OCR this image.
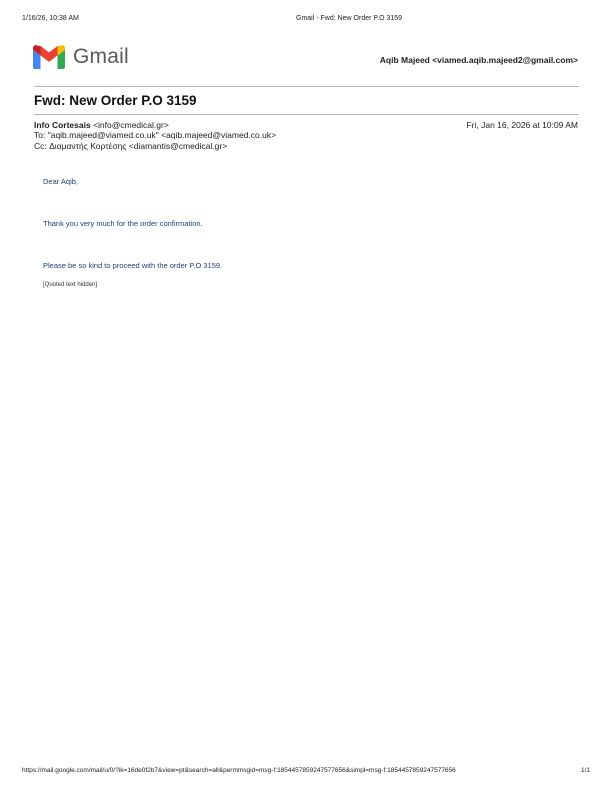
1/16/26, 10:38 AM	Gmail - Fwd: New Order P.O 3159
Gmail	Aqib Majeed <viamed.aqib.majeed2@gmail.com>
Fwd: New Order P.O 3159
Info Cortesais <info@cmedical.gr>	Fri, Jan 16, 2026 at 10:09 AM
To: "aqib.majeed@viamed.co.uk" <aqib.majeed@viamed.co.uk>
Cc: Διαμαντής Κορτέσης <diamantis@cmedical.gr>
Dear Aqib,
Thank you very much for the order confirmation.
Please be so kind to proceed with the order P.O 3159.
[Quoted text hidden]
https://mail.google.com/mail/u/0/?ik=16de0f2b7&view=pt&search=all&permmsgid=msg-f:1854457859247577656&simpl=msg-f:1854457859247577656	1/1
